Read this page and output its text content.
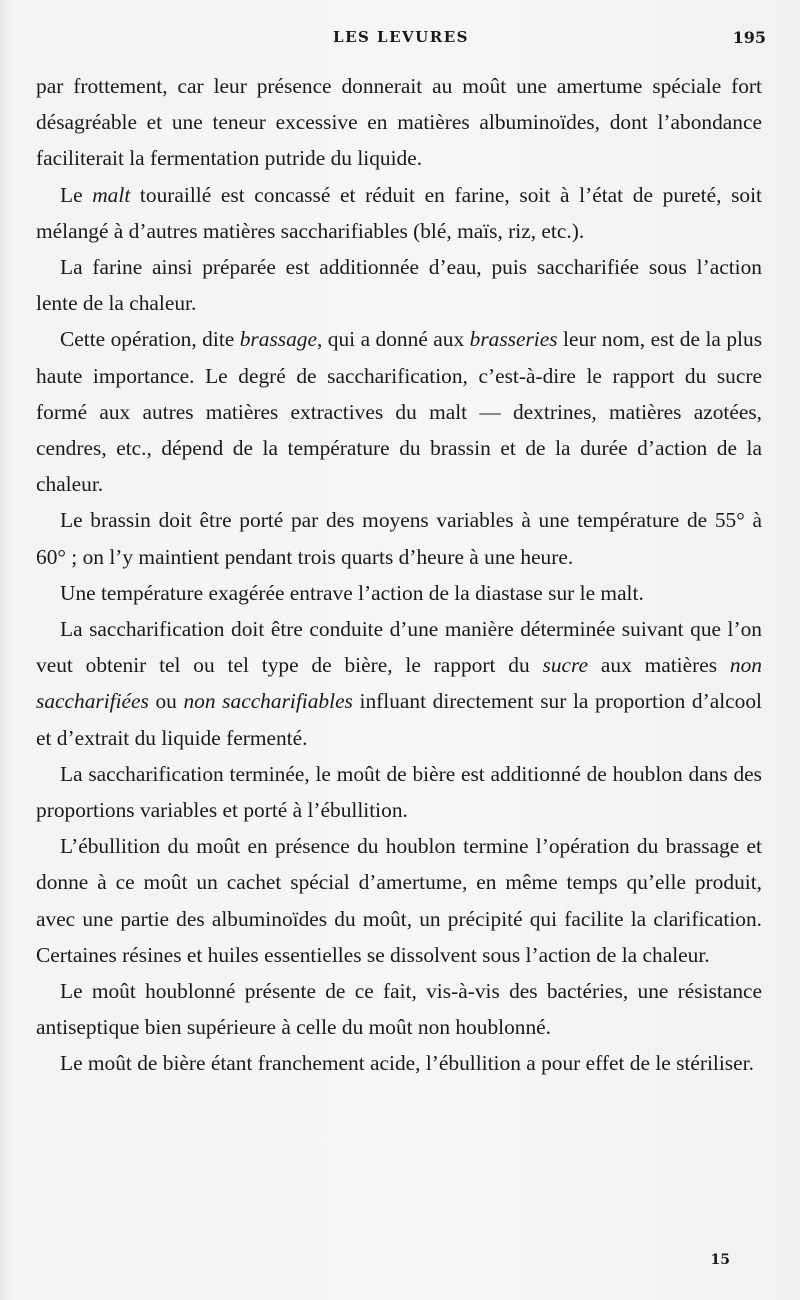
LES LEVURES	195

par frottement, car leur présence donnerait au moût une amertume spéciale fort désagréable et une teneur excessive en matières albuminoïdes, dont l’abondance faciliterait la fermentation putride du liquide.

Le malt touraillé est concassé et réduit en farine, soit à l’état de pureté, soit mélangé à d’autres matières saccharifiables (blé, maïs, riz, etc.).

La farine ainsi préparée est additionnée d’eau, puis saccharifiée sous l’action lente de la chaleur.

Cette opération, dite brassage, qui a donné aux brasseries leur nom, est de la plus haute importance. Le degré de saccharification, c’est-à-dire le rapport du sucre formé aux autres matières extractives du malt — dextrines, matières azotées, cendres, etc., dépend de la température du brassin et de la durée d’action de la chaleur.

Le brassin doit être porté par des moyens variables à une température de 55° à 60° ; on l’y maintient pendant trois quarts d’heure à une heure.

Une température exagérée entrave l’action de la diastase sur le malt.

La saccharification doit être conduite d’une manière déterminée suivant que l’on veut obtenir tel ou tel type de bière, le rapport du sucre aux matières non saccharifiées ou non saccharifiables influant directement sur la proportion d’alcool et d’extrait du liquide fermenté.

La saccharification terminée, le moût de bière est additionné de houblon dans des proportions variables et porté à l’ébullition.

L’ébullition du moût en présence du houblon termine l’opération du brassage et donne à ce moût un cachet spécial d’amertume, en même temps qu’elle produit, avec une partie des albuminoïdes du moût, un précipité qui facilite la clarification. Certaines résines et huiles essentielles se dissolvent sous l’action de la chaleur.

Le moût houblonné présente de ce fait, vis-à-vis des bactéries, une résistance antiseptique bien supérieure à celle du moût non houblonné.

Le moût de bière étant franchement acide, l’ébullition a pour effet de le stériliser.

15
